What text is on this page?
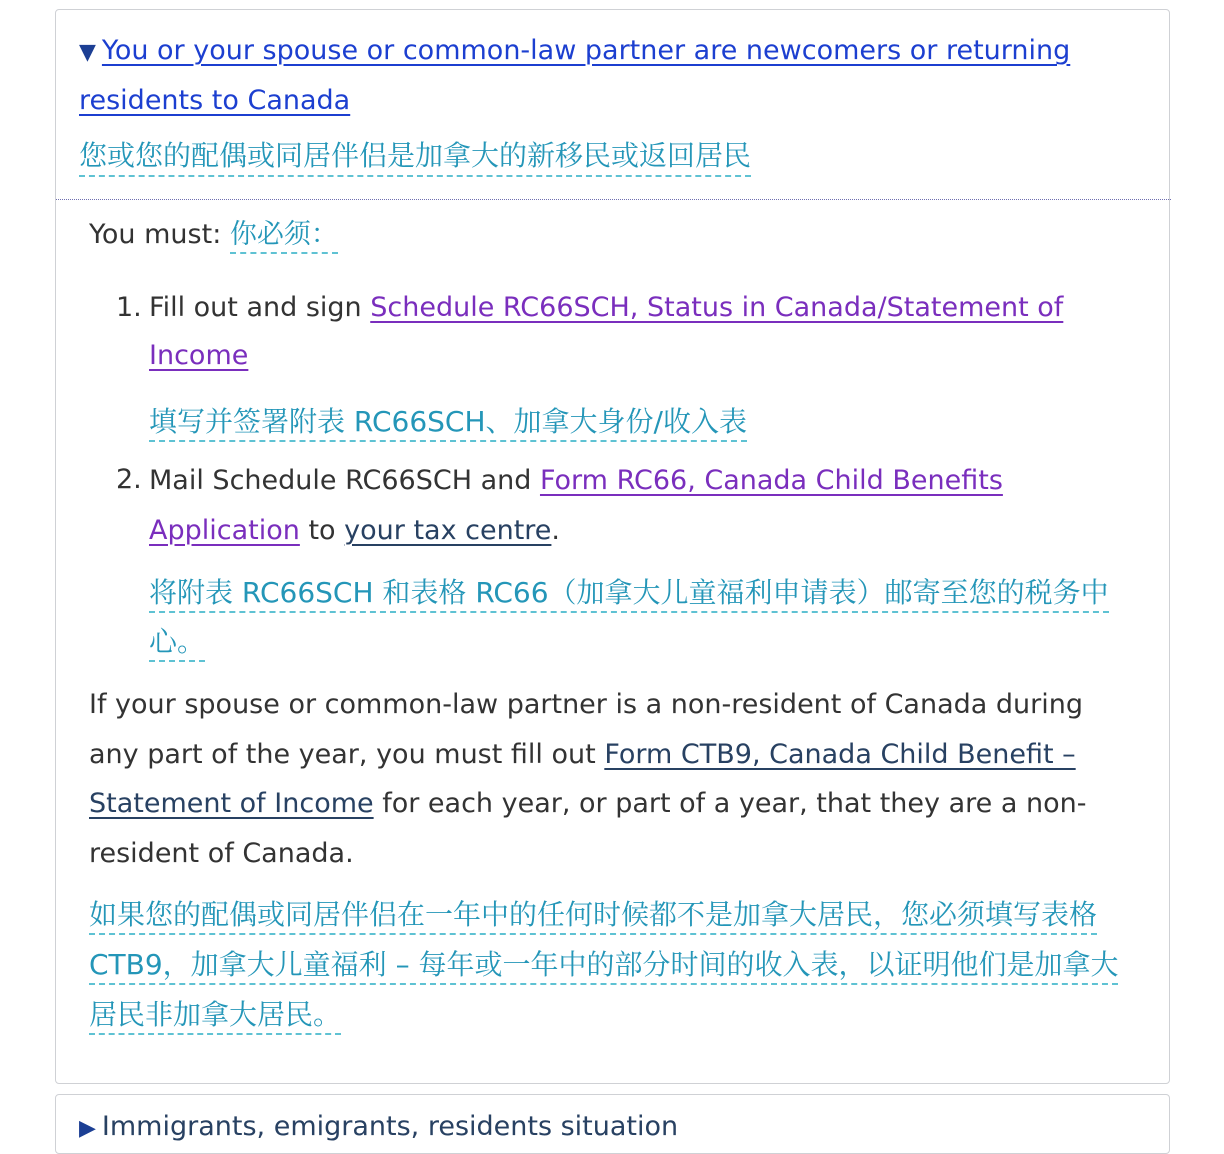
▼ You or your spouse or common-law partner are newcomers or returning residents to Canada
您或您的配偶或同居伴侣是加拿大的新移民或返回居民
You must: 你必须：
1. Fill out and sign Schedule RC66SCH, Status in Canada/Statement of Income
填写并签署附表 RC66SCH、加拿大身份/收入表
2. Mail Schedule RC66SCH and Form RC66, Canada Child Benefits Application to your tax centre.
将附表 RC66SCH 和表格 RC66（加拿大儿童福利申请表）邮寄至您的税务中心。
If your spouse or common-law partner is a non-resident of Canada during any part of the year, you must fill out Form CTB9, Canada Child Benefit – Statement of Income for each year, or part of a year, that they are a non-resident of Canada.
如果您的配偶或同居伴侣在一年中的任何时候都不是加拿大居民，您必须填写表格 CTB9，加拿大儿童福利 – 每年或一年中的部分时间的收入表，以证明他们是加拿大居民非加拿大居民。
▶ Immigrants, emigrants, residents situation
